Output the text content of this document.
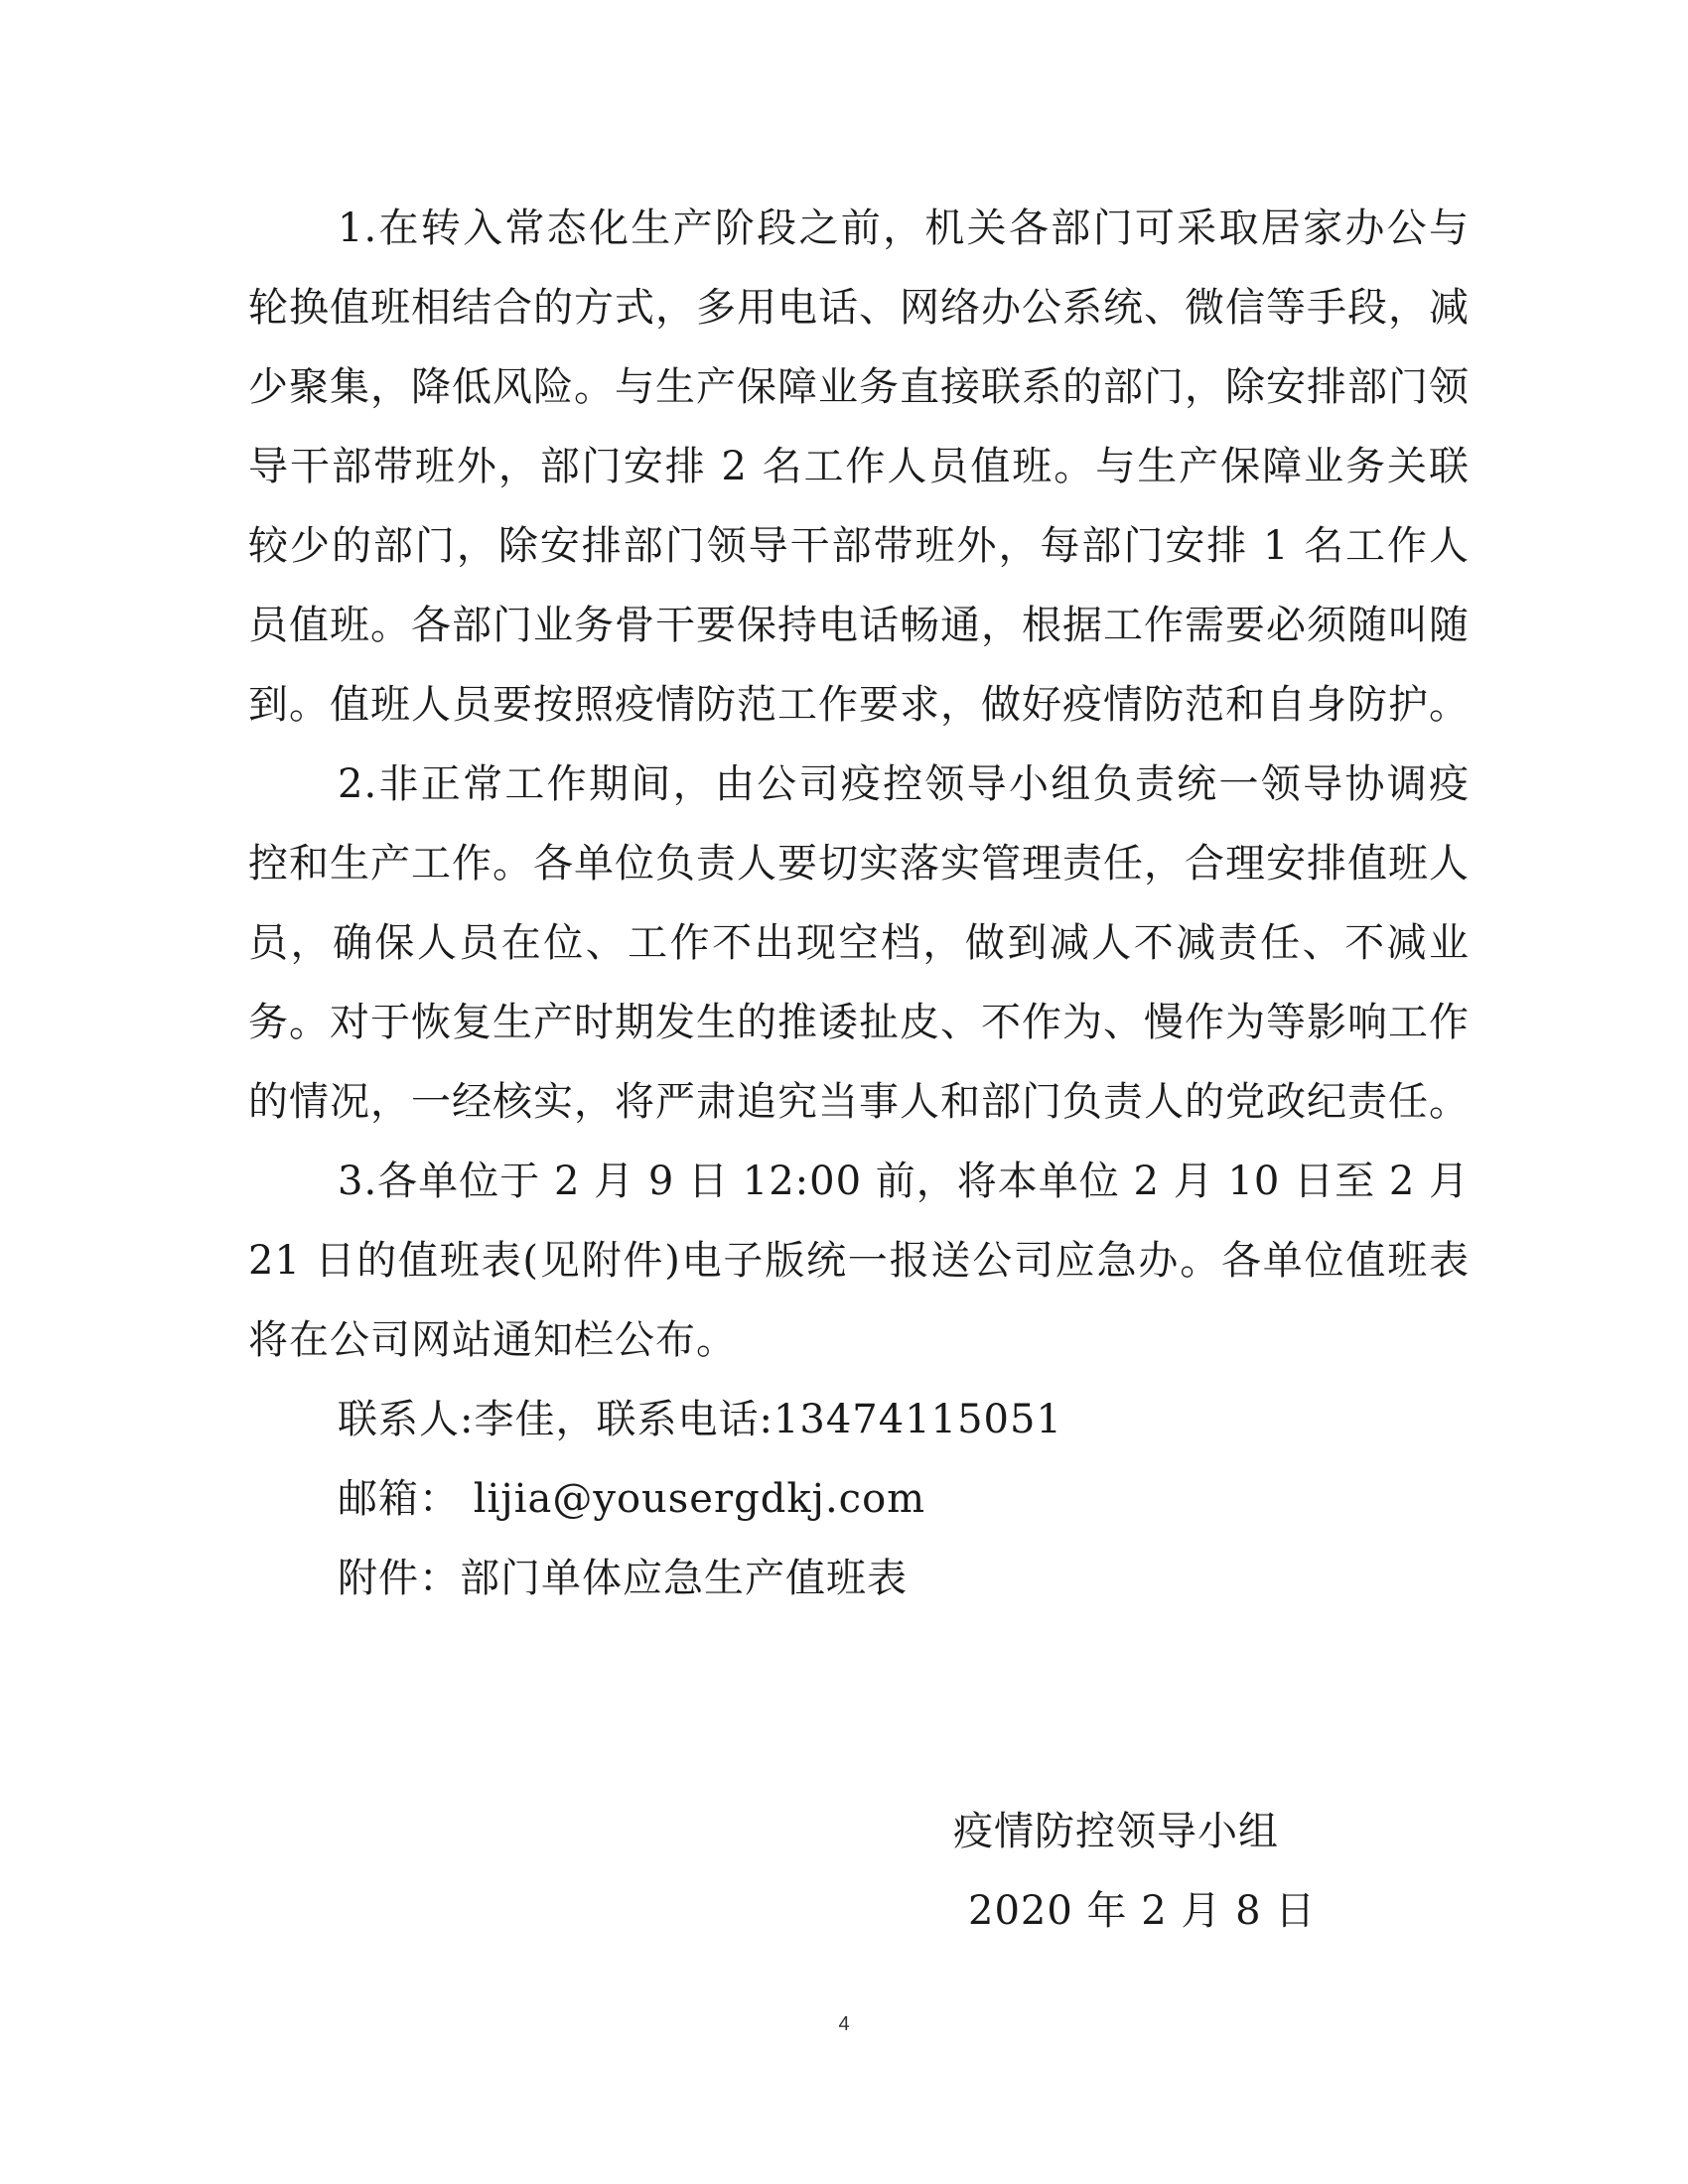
1.在转入常态化生产阶段之前，机关各部门可采取居家办公与轮换值班相结合的方式，多用电话、网络办公系统、微信等手段，减少聚集，降低风险。与生产保障业务直接联系的部门，除安排部门领导干部带班外，部门安排 2 名工作人员值班。与生产保障业务关联较少的部门，除安排部门领导干部带班外，每部门安排 1 名工作人员值班。各部门业务骨干要保持电话畅通，根据工作需要必须随叫随到。值班人员要按照疫情防范工作要求，做好疫情防范和自身防护。

2.非正常工作期间，由公司疫控领导小组负责统一领导协调疫控和生产工作。各单位负责人要切实落实管理责任，合理安排值班人员，确保人员在位、工作不出现空档，做到减人不减责任、不减业务。对于恢复生产时期发生的推诿扯皮、不作为、慢作为等影响工作的情况，一经核实，将严肃追究当事人和部门负责人的党政纪责任。

3.各单位于 2 月 9 日 12:00 前，将本单位 2 月 10 日至 2 月 21 日的值班表(见附件)电子版统一报送公司应急办。各单位值班表将在公司网站通知栏公布。

联系人:李佳，联系电话:13474115051

邮箱： lijia@yousergdkj.com

附件：部门单体应急生产值班表

疫情防控领导小组
2020 年 2 月 8 日
4
